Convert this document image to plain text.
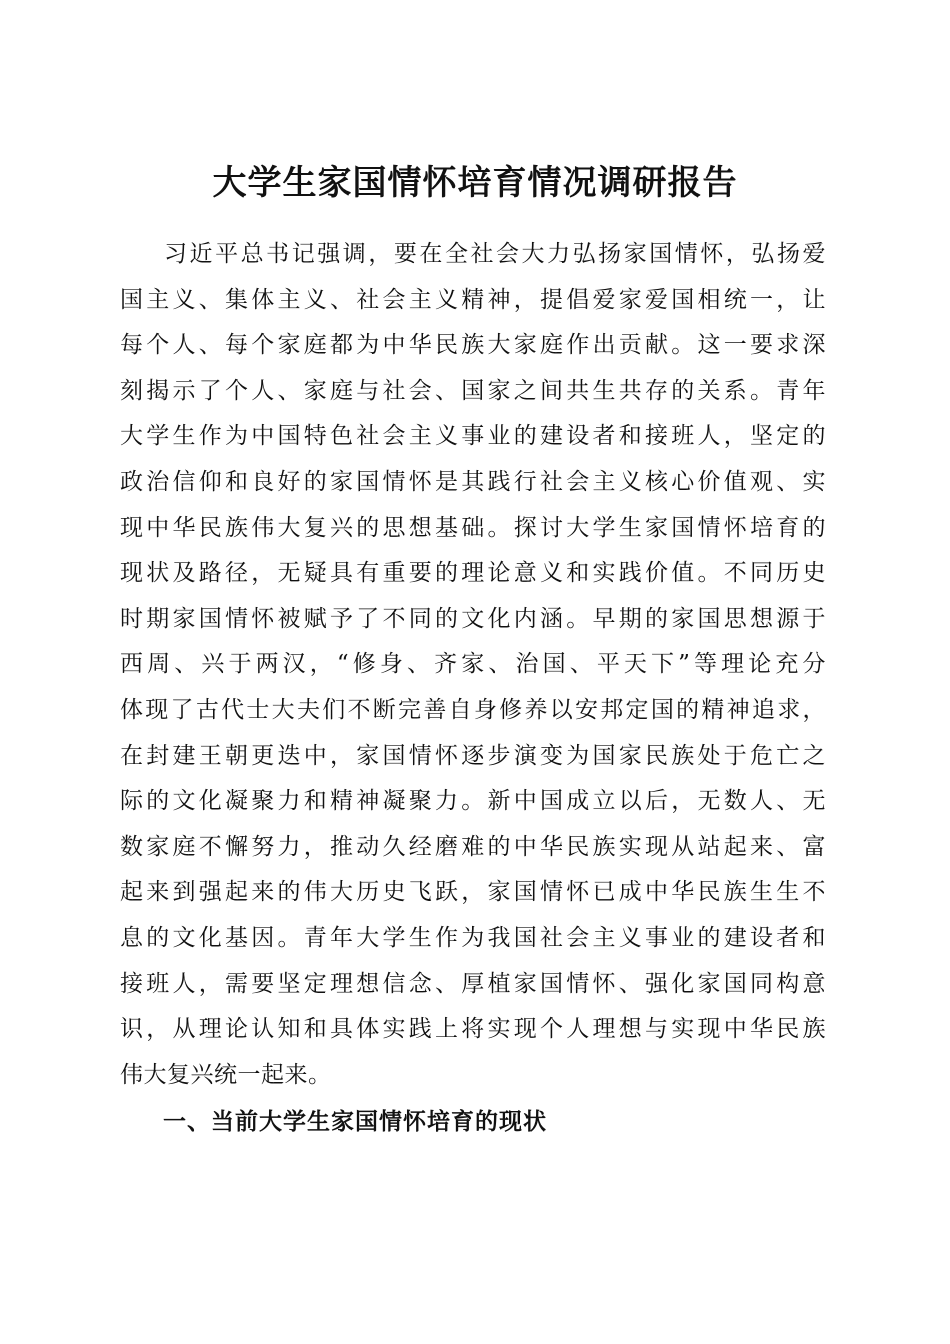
大学生家国情怀培育情况调研报告
习近平总书记强调，要在全社会大力弘扬家国情怀，弘扬爱
国主义、集体主义、社会主义精神，提倡爱家爱国相统一，让
每个人、每个家庭都为中华民族大家庭作出贡献。这一要求深
刻揭示了个人、家庭与社会、国家之间共生共存的关系。青年
大学生作为中国特色社会主义事业的建设者和接班人，坚定的
政治信仰和良好的家国情怀是其践行社会主义核心价值观、实
现中华民族伟大复兴的思想基础。探讨大学生家国情怀培育的
现状及路径，无疑具有重要的理论意义和实践价值。不同历史
时期家国情怀被赋予了不同的文化内涵。早期的家国思想源于
西周、兴于两汉，“修身、齐家、治国、平天下”等理论充分
体现了古代士大夫们不断完善自身修养以安邦定国的精神追求，
在封建王朝更迭中，家国情怀逐步演变为国家民族处于危亡之
际的文化凝聚力和精神凝聚力。新中国成立以后，无数人、无
数家庭不懈努力，推动久经磨难的中华民族实现从站起来、富
起来到强起来的伟大历史飞跃，家国情怀已成中华民族生生不
息的文化基因。青年大学生作为我国社会主义事业的建设者和
接班人，需要坚定理想信念、厚植家国情怀、强化家国同构意
识，从理论认知和具体实践上将实现个人理想与实现中华民族
伟大复兴统一起来。
一、当前大学生家国情怀培育的现状
